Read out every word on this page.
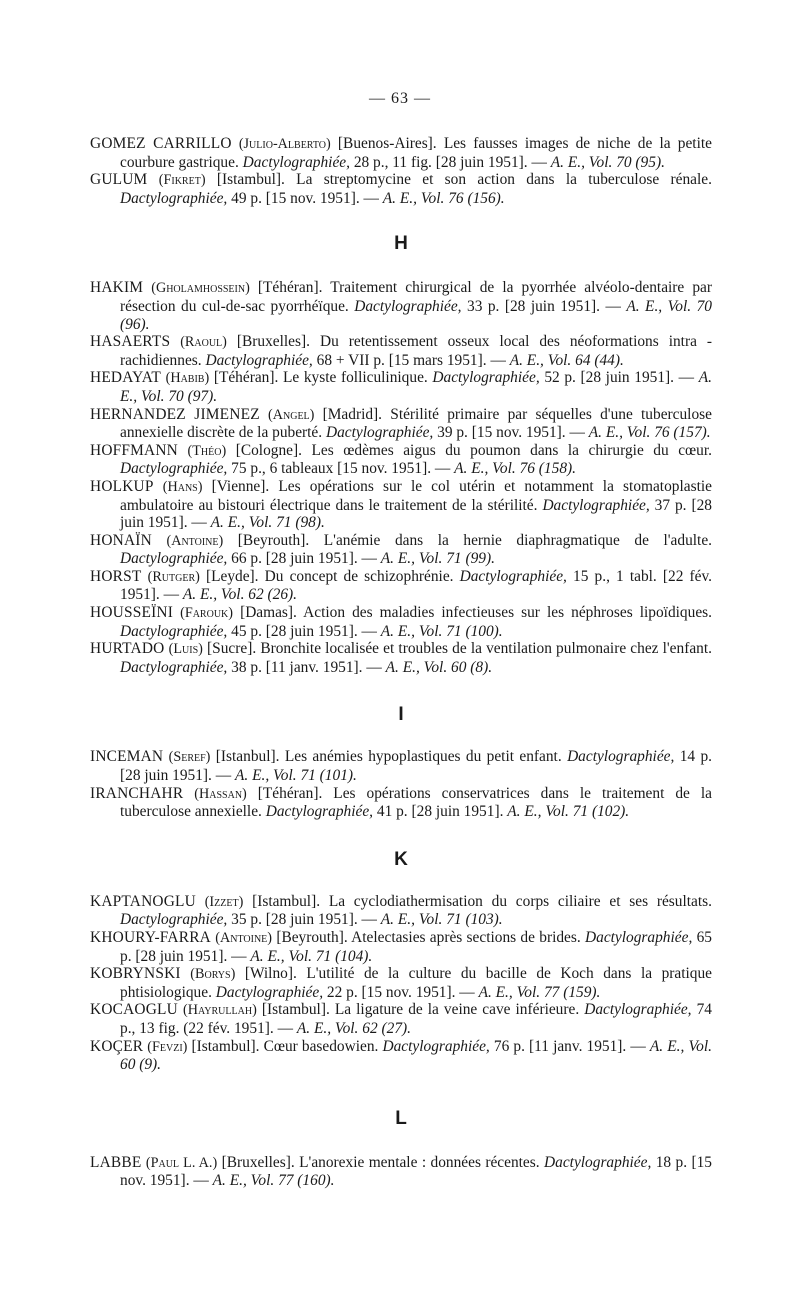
— 63 —

GOMEZ CARRILLO (Julio-Alberto) [Buenos-Aires]. Les fausses images de niche de la petite courbure gastrique. Dactylographiée, 28 p., 11 fig. [28 juin 1951]. — A. E., Vol. 70 (95).

GULUM (Fikret) [Istambul]. La streptomycine et son action dans la tuberculose rénale. Dactylographiée, 49 p. [15 nov. 1951]. — A. E., Vol. 76 (156).

H

HAKIM (Gholamhossein) [Téhéran]. Traitement chirurgical de la pyorrhée alvéolo-dentaire par résection du cul-de-sac pyorrhéïque. Dactylographiée, 33 p. [28 juin 1951]. — A. E., Vol. 70 (96).

HASAERTS (Raoul) [Bruxelles]. Du retentissement osseux local des néoformations intra - rachidiennes. Dactylographiée, 68 + VII p. [15 mars 1951]. — A. E., Vol. 64 (44).

HEDAYAT (Habib) [Téhéran]. Le kyste folliculinique. Dactylographiée, 52 p. [28 juin 1951]. — A. E., Vol. 70 (97).

HERNANDEZ JIMENEZ (Angel) [Madrid]. Stérilité primaire par séquelles d'une tuberculose annexielle discrète de la puberté. Dactylographiée, 39 p. [15 nov. 1951]. — A. E., Vol. 76 (157).

HOFFMANN (Théo) [Cologne]. Les œdèmes aigus du poumon dans la chirurgie du cœur. Dactylographiée, 75 p., 6 tableaux [15 nov. 1951]. — A. E., Vol. 76 (158).

HOLKUP (Hans) [Vienne]. Les opérations sur le col utérin et notamment la stomatoplastie ambulatoire au bistouri électrique dans le traitement de la stérilité. Dactylographiée, 37 p. [28 juin 1951]. — A. E., Vol. 71 (98).

HONAÏN (Antoine) [Beyrouth]. L'anémie dans la hernie diaphragmatique de l'adulte. Dactylographiée, 66 p. [28 juin 1951]. — A. E., Vol. 71 (99).

HORST (Rutger) [Leyde]. Du concept de schizophrénie. Dactylographiée, 15 p., 1 tabl. [22 fév. 1951]. — A. E., Vol. 62 (26).

HOUSSEÏNI (Farouk) [Damas]. Action des maladies infectieuses sur les néphroses lipoïdiques. Dactylographiée, 45 p. [28 juin 1951]. — A. E., Vol. 71 (100).

HURTADO (Luis) [Sucre]. Bronchite localisée et troubles de la ventilation pulmonaire chez l'enfant. Dactylographiée, 38 p. [11 janv. 1951]. — A. E., Vol. 60 (8).

I

INCEMAN (Seref) [Istanbul]. Les anémies hypoplastiques du petit enfant. Dactylographiée, 14 p. [28 juin 1951]. — A. E., Vol. 71 (101).

IRANCHAHR (Hassan) [Téhéran]. Les opérations conservatrices dans le traitement de la tuberculose annexielle. Dactylographiée, 41 p. [28 juin 1951]. A. E., Vol. 71 (102).

K

KAPTANOGLU (Izzet) [Istambul]. La cyclodiathermisation du corps ciliaire et ses résultats. Dactylographiée, 35 p. [28 juin 1951]. — A. E., Vol. 71 (103).

KHOURY-FARRA (Antoine) [Beyrouth]. Atelectasies après sections de brides. Dactylographiée, 65 p. [28 juin 1951]. — A. E., Vol. 71 (104).

KOBRYNSKI (Borys) [Wilno]. L'utilité de la culture du bacille de Koch dans la pratique phtisiologique. Dactylographiée, 22 p. [15 nov. 1951]. — A. E., Vol. 77 (159).

KOCAOGLU (Hayrullah) [Istambul]. La ligature de la veine cave inférieure. Dactylographiée, 74 p., 13 fig. (22 fév. 1951]. — A. E., Vol. 62 (27).

KOÇER (Fevzi) [Istambul]. Cœur basedowien. Dactylographiée, 76 p. [11 janv. 1951]. — A. E., Vol. 60 (9).

L

LABBE (Paul L. A.) [Bruxelles]. L'anorexie mentale : données récentes. Dactylographiée, 18 p. [15 nov. 1951]. — A. E., Vol. 77 (160).
